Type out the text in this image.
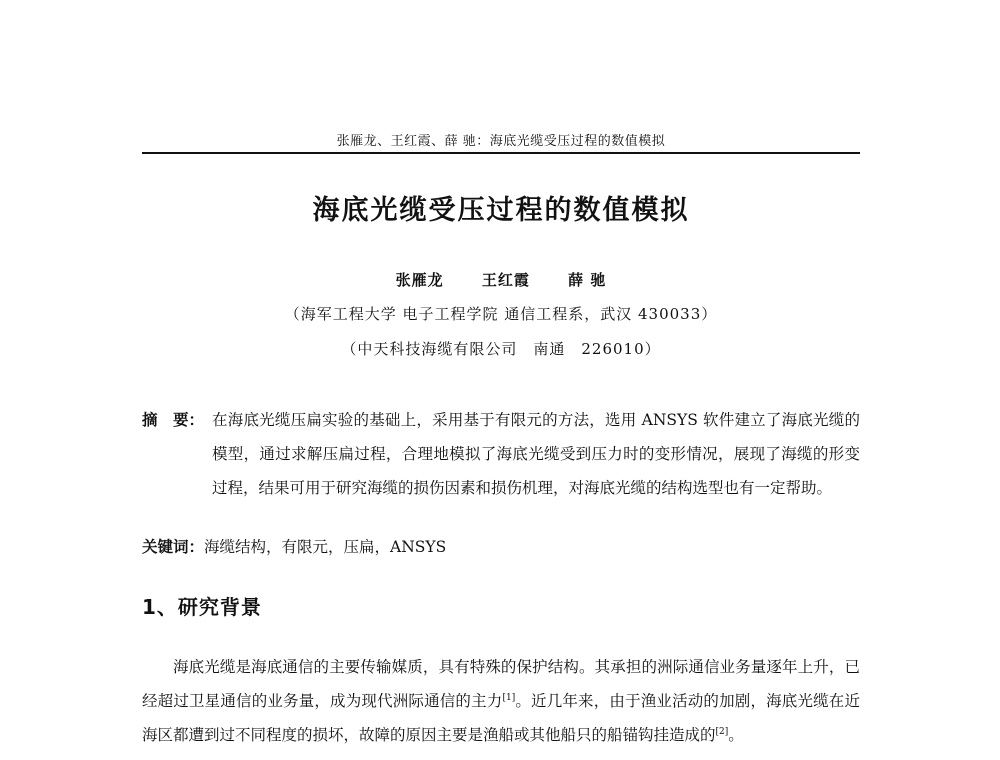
张雁龙、王红霞、薛 驰：海底光缆受压过程的数值模拟
海底光缆受压过程的数值模拟
张雁龙	王红霞	薛 驰
（海军工程大学 电子工程学院 通信工程系，武汉 430033）
（中天科技海缆有限公司　南通　226010）
摘　要： 在海底光缆压扁实验的基础上，采用基于有限元的方法，选用 ANSYS 软件建立了海底光缆的模型，通过求解压扁过程，合理地模拟了海底光缆受到压力时的变形情况，展现了海缆的形变过程，结果可用于研究海缆的损伤因素和损伤机理，对海底光缆的结构选型也有一定帮助。
关键词：海缆结构，有限元，压扁，ANSYS
1、研究背景
海底光缆是海底通信的主要传输媒质，具有特殊的保护结构。其承担的洲际通信业务量逐年上升，已经超过卫星通信的业务量，成为现代洲际通信的主力[1]。近几年来，由于渔业活动的加剧，海底光缆在近海区都遭到过不同程度的损坏，故障的原因主要是渔船或其他船只的船锚钩挂造成的[2]。
